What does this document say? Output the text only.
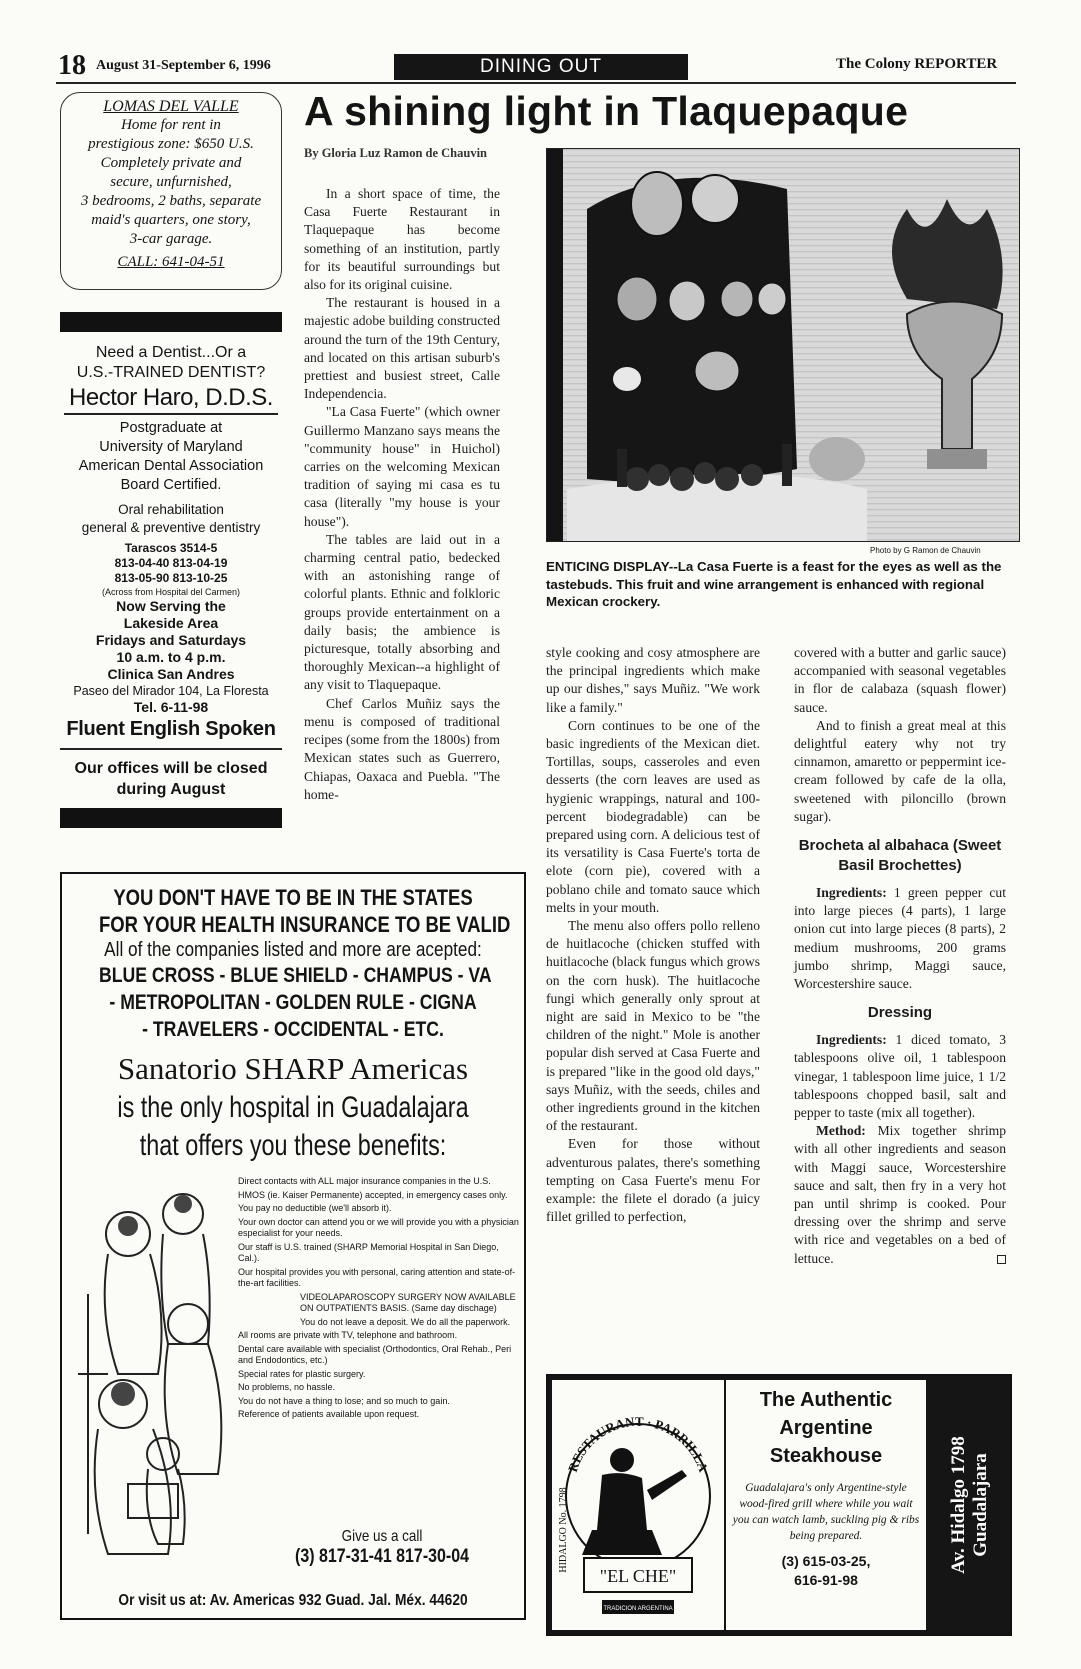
18 August 31-September 6, 1996	DINING OUT	The Colony REPORTER
A shining light in Tlaquepaque
By Gloria Luz Ramon de Chauvin
LOMAS DEL VALLE
Home for rent in
prestigious zone: $650 U.S.
Completely private and
secure, unfurnished,
3 bedrooms, 2 baths, separate
maid's quarters, one story,
3-car garage.
CALL: 641-04-51
Need a Dentist...Or a
U.S.-TRAINED DENTIST?
Hector Haro, D.D.S.
Postgraduate at
University of Maryland
American Dental Association
Board Certified.
Oral rehabilitation
general & preventive dentistry
Tarascos 3514-5
813-04-40 813-04-19
813-05-90 813-10-25
(Across from Hospital del Carmen)
Now Serving the
Lakeside Area
Fridays and Saturdays
10 a.m. to 4 p.m.
Clinica San Andres
Paseo del Mirador 104, La Floresta
Tel. 6-11-98
Fluent English Spoken
Our offices will be closed during August

In a short space of time, the Casa Fuerte Restaurant in Tlaquepaque has become something of an institution, partly for its beautiful surroundings but also for its original cuisine.

The restaurant is housed in a majestic adobe building constructed around the turn of the 19th Century, and located on this artisan suburb's prettiest and busiest street, Calle Independencia.

"La Casa Fuerte" (which owner Guillermo Manzano says means the "community house" in Huichol) carries on the welcoming Mexican tradition of saying mi casa es tu casa (literally "my house is your house").

The tables are laid out in a charming central patio, bedecked with an astonishing range of colorful plants. Ethnic and folkloric groups provide entertainment on a daily basis; the ambience is picturesque, totally absorbing and thoroughly Mexican--a highlight of any visit to Tlaquepaque.

Chef Carlos Muñiz says the menu is composed of traditional recipes (some from the 1800s) from Mexican states such as Guerrero, Chiapas, Oaxaca and Puebla. "The home-

Photo by G Ramon de Chauvin
ENTICING DISPLAY--La Casa Fuerte is a feast for the eyes as well as the tastebuds. This fruit and wine arrangement is enhanced with regional Mexican crockery.

style cooking and cosy atmosphere are the principal ingredients which make up our dishes," says Muñiz. "We work like a family."

Corn continues to be one of the basic ingredients of the Mexican diet. Tortillas, soups, casseroles and even desserts (the corn leaves are used as hygienic wrappings, natural and 100-percent biodegradable) can be prepared using corn. A delicious test of its versatility is Casa Fuerte's torta de elote (corn pie), covered with a poblano chile and tomato sauce which melts in your mouth.

The menu also offers pollo relleno de huitlacoche (chicken stuffed with huitlacoche (black fungus which grows on the corn husk). The huitlacoche fungi which generally only sprout at night are said in Mexico to be "the children of the night." Mole is another popular dish served at Casa Fuerte and is prepared "like in the good old days," says Muñiz, with the seeds, chiles and other ingredients ground in the kitchen of the restaurant.

Even for those without adventurous palates, there's something tempting on Casa Fuerte's menu For example: the filete el dorado (a juicy fillet grilled to perfection,

covered with a butter and garlic sauce) accompanied with seasonal vegetables in flor de calabaza (squash flower) sauce.

And to finish a great meal at this delightful eatery why not try cinnamon, amaretto or peppermint ice-cream followed by cafe de la olla, sweetened with piloncillo (brown sugar).

Brocheta al albahaca (Sweet Basil Brochettes)

Ingredients: 1 green pepper cut into large pieces (4 parts), 1 large onion cut into large pieces (8 parts), 2 medium mushrooms, 200 grams jumbo shrimp, Maggi sauce, Worcestershire sauce.

Dressing

Ingredients: 1 diced tomato, 3 tablespoons olive oil, 1 tablespoon vinegar, 1 tablespoon lime juice, 1 1/2 tablespoons chopped basil, salt and pepper to taste (mix all together).

Method: Mix together shrimp with all other ingredients and season with Maggi sauce, Worcestershire sauce and salt, then fry in a very hot pan until shrimp is cooked. Pour dressing over the shrimp and serve with rice and vegetables on a bed of lettuce.

YOU DON'T HAVE TO BE IN THE STATES
FOR YOUR HEALTH INSURANCE TO BE VALID
All of the companies listed and more are acepted:
BLUE CROSS - BLUE SHIELD - CHAMPUS - VA
- METROPOLITAN - GOLDEN RULE - CIGNA
- TRAVELERS - OCCIDENTAL - ETC.
Sanatorio SHARP Americas
is the only hospital in Guadalajara
that offers you these benefits:
Direct contacts with ALL major insurance companies in the U.S.
HMOS (ie. Kaiser Permanente) accepted, in emergency cases only.
You pay no deductible (we'll absorb it).
Your own doctor can attend you or we will provide you with a physician especialist for your needs.
Our staff is U.S. trained (SHARP Memorial Hospital in San Diego, Cal.).
Our hospital provides you with personal, caring attention and state-of-the-art facilities.
VIDEOLAPAROSCOPY SURGERY NOW AVAILABLE ON OUTPATIENTS BASIS. (Same day dischage)
You do not leave a deposit. We do all the paperwork.
All rooms are private with TV, telephone and bathroom.
Dental care available with specialist (Orthodontics, Oral Rehab., Peri and Endodontics, etc.)
Special rates for plastic surgery.
No problems, no hassle.
You do not have a thing to lose; and so much to gain.
Reference of patients available upon request.
Give us a call
(3) 817-31-41 817-30-04
Or visit us at: Av. Americas 932 Guad. Jal. Méx. 44620
RESTAURANT · PARRILLA
HIDALGO No. 1798
"EL CHE"
TRADICION ARGENTINA
The Authentic
Argentine
Steakhouse
Guadalajara's only Argentine-style wood-fired grill where while you wait you can watch lamb, suckling pig & ribs being prepared.
(3) 615-03-25,
616-91-98
Av. Hidalgo 1798 Guadalajara
